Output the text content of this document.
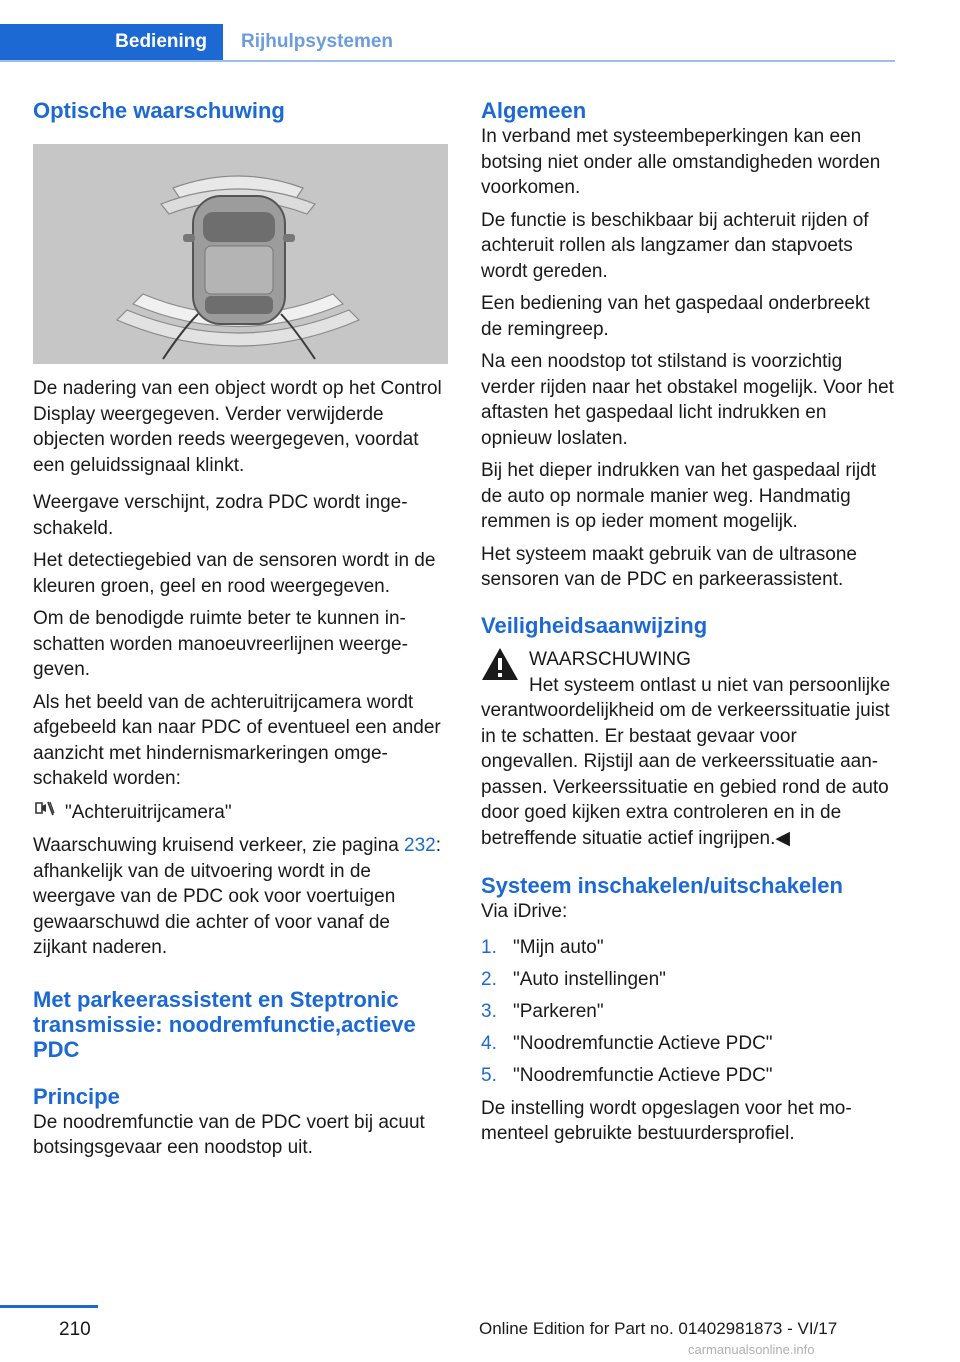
Bediening	Rijhulpsystemen
Optische waarschuwing

De nadering van een object wordt op het Control Display weergegeven. Verder verwijderde objecten worden reeds weergegeven, voordat een geluidssignaal klinkt.

Weergave verschijnt, zodra PDC wordt ingeschakeld.

Het detectiegebied van de sensoren wordt in de kleuren groen, geel en rood weergegeven.

Om de benodigde ruimte beter te kunnen inschatten worden manoeuvreerlijnen weergegeven.

Als het beeld van de achteruitrijcamera wordt afgebeeld kan naar PDC of eventueel een ander aanzicht met hindernismarkeringen omgeschakeld worden:

"Achteruitrijcamera"

Waarschuwing kruisend verkeer, zie pagina 232: afhankelijk van de uitvoering wordt in de weergave van de PDC ook voor voertuigen gewaarschuwd die achter of voor vanaf de zijkant naderen.

Met parkeerassistent en Steptronic transmissie: noodremfunctie,actieve PDC
Principe

De noodremfunctie van de PDC voert bij acuut botsingsgevaar een noodstop uit.

Algemeen

In verband met systeembeperkingen kan een botsing niet onder alle omstandigheden worden voorkomen.

De functie is beschikbaar bij achteruit rijden of achteruit rollen als langzamer dan stapvoets wordt gereden.

Een bediening van het gaspedaal onderbreekt de remingreep.

Na een noodstop tot stilstand is voorzichtig verder rijden naar het obstakel mogelijk. Voor het aftasten het gaspedaal licht indrukken en opnieuw loslaten.

Bij het dieper indrukken van het gaspedaal rijdt de auto op normale manier weg. Handmatig remmen is op ieder moment mogelijk.

Het systeem maakt gebruik van de ultrasone sensoren van de PDC en parkeerassistent.

Veiligheidsaanwijzing
WAARSCHUWING

Het systeem ontlast u niet van persoonlijke verantwoordelijkheid om de verkeerssituatie juist in te schatten. Er bestaat gevaar voor ongevallen. Rijstijl aan de verkeerssituatie aanpassen. Verkeerssituatie en gebied rond de auto door goed kijken extra controleren en in de betreffende situatie actief ingrijpen.◀

Systeem inschakelen/uitschakelen

Via iDrive:

1. "Mijn auto"
2. "Auto instellingen"
3. "Parkeren"
4. "Noodremfunctie Actieve PDC"
5. "Noodremfunctie Actieve PDC"

De instelling wordt opgeslagen voor het momenteel gebruikte bestuurdersprofiel.

210	Online Edition for Part no. 01402981873 - VI/17
carmanualsonline.info
